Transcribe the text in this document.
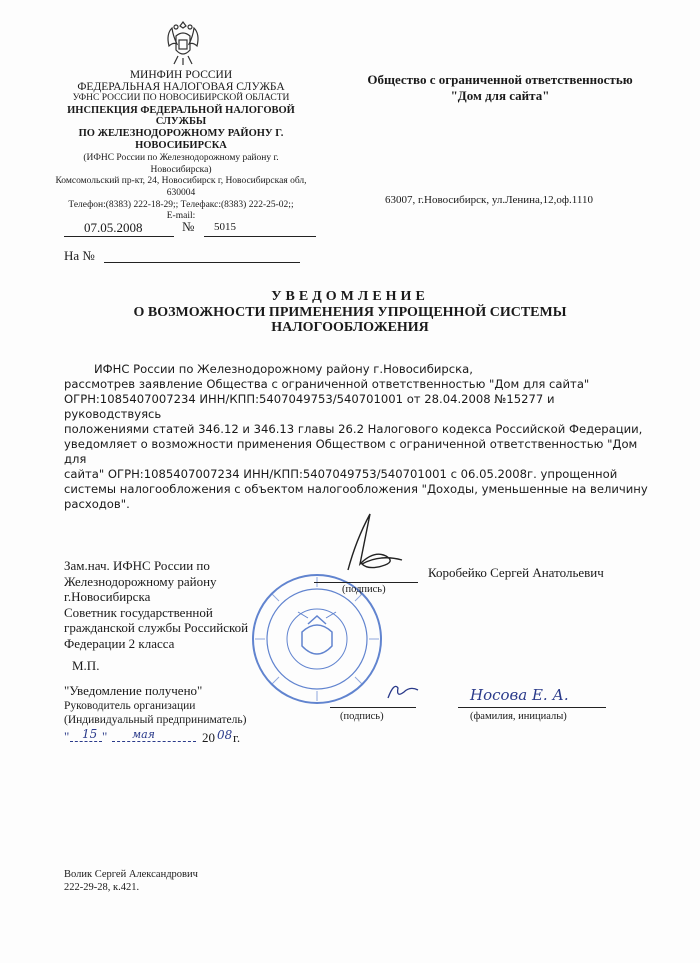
МИНФИН РОССИИ
ФЕДЕРАЛЬНАЯ НАЛОГОВАЯ СЛУЖБА
УФНС РОССИИ ПО НОВОСИБИРСКОЙ ОБЛАСТИ
ИНСПЕКЦИЯ ФЕДЕРАЛЬНОЙ НАЛОГОВОЙ СЛУЖБЫ
ПО ЖЕЛЕЗНОДОРОЖНОМУ РАЙОНУ Г.
НОВОСИБИРСКА
(ИФНС России по Железнодорожному району г. Новосибирска)
Комсомольский пр-кт, 24, Новосибирск г, Новосибирская обл,
630004
Телефон:(8383) 222-18-29;; Телефакс:(8383) 222-25-02;;
E-mail:
Общество с ограниченной ответственностью
"Дом для сайта"
63007, г.Новосибирск, ул.Ленина,12,оф.1110
07.05.2008	№ 5015
На №
УВЕДОМЛЕНИЕ
О ВОЗМОЖНОСТИ ПРИМЕНЕНИЯ УПРОЩЕННОЙ СИСТЕМЫ
НАЛОГООБЛОЖЕНИЯ

ИФНС России по Железнодорожному району г.Новосибирска,

рассмотрев заявление Общества с ограниченной ответственностью "Дом для сайта"

ОГРН:1085407007234 ИНН/КПП:5407049753/540701001 от 28.04.2008 №15277 и руководствуясь

положениями статей 346.12 и 346.13 главы 26.2 Налогового кодекса Российской Федерации,

уведомляет о возможности применения Обществом с ограниченной ответственностью "Дом для

сайта" ОГРН:1085407007234 ИНН/КПП:5407049753/540701001 с 06.05.2008г. упрощенной

системы налогообложения с объектом налогообложения "Доходы, уменьшенные на величину

расходов".

Зам.нач. ИФНС России по
Железнодорожному району
г.Новосибирска
Советник государственной
гражданской службы Российской
Федерации 2 класса
(подпись)
Коробейко Сергей Анатольевич
М.П.
"Уведомление получено"
Руководитель организации
(Индивидуальный предприниматель)	(подпись)
Носова Е. А.
(фамилия, инициалы)
" 15 " мая	20 08 г.
Волик Сергей Александрович
222-29-28, к.421.
